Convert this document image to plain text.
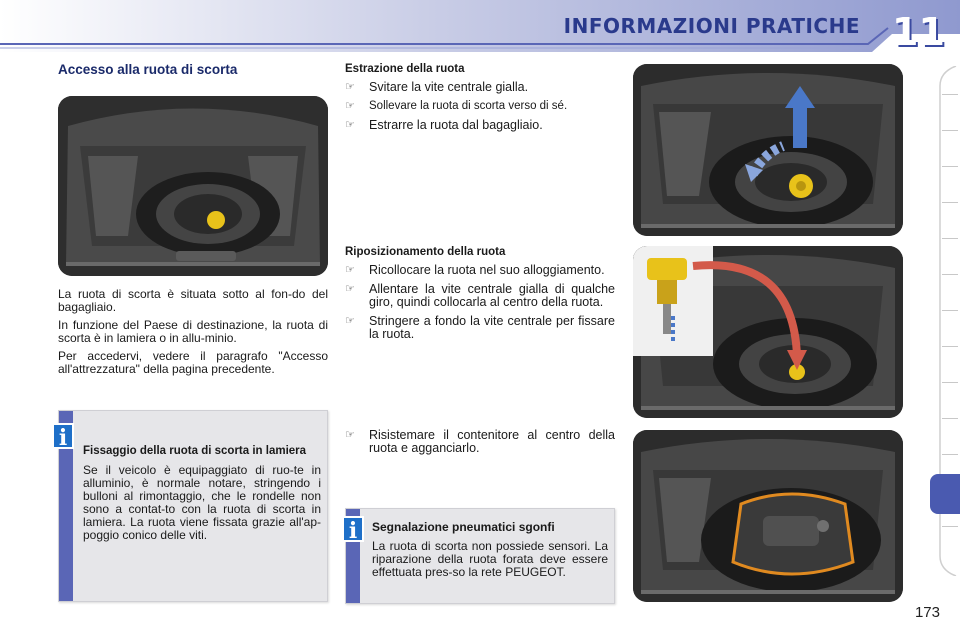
INFORMAZIONI PRATICHE 11
Accesso alla ruota di scorta

La ruota di scorta è situata sotto al fon-do del bagagliaio.

In funzione del Paese di destinazione, la ruota di scorta è in lamiera o in allu-minio.

Per accedervi, vedere il paragrafo "Accesso all'attrezzatura" della pagina precedente.

Fissaggio della ruota di scorta in lamiera
Se il veicolo è equipaggiato di ruo-te in alluminio, è normale notare, stringendo i bulloni al rimontaggio, che le rondelle non sono a contat-to con la ruota di scorta in lamiera. La ruota viene fissata grazie all'ap-poggio conico delle viti.
i
Estrazione della ruota
☞ Svitare la vite centrale gialla.
☞ Sollevare la ruota di scorta verso di sé.
☞ Estrarre la ruota dal bagagliaio.
Riposizionamento della ruota
☞ Ricollocare la ruota nel suo alloggiamento.
☞ Allentare la vite centrale gialla di qualche giro, quindi collocarla al centro della ruota.
☞ Stringere a fondo la vite centrale per fissare la ruota.
☞ Risistemare il contenitore al centro della ruota e agganciarlo.
Segnalazione pneumatici sgonfi
La ruota di scorta non possiede sensori. La riparazione della ruota forata deve essere effettuata pres-so la rete PEUGEOT.
i
173
